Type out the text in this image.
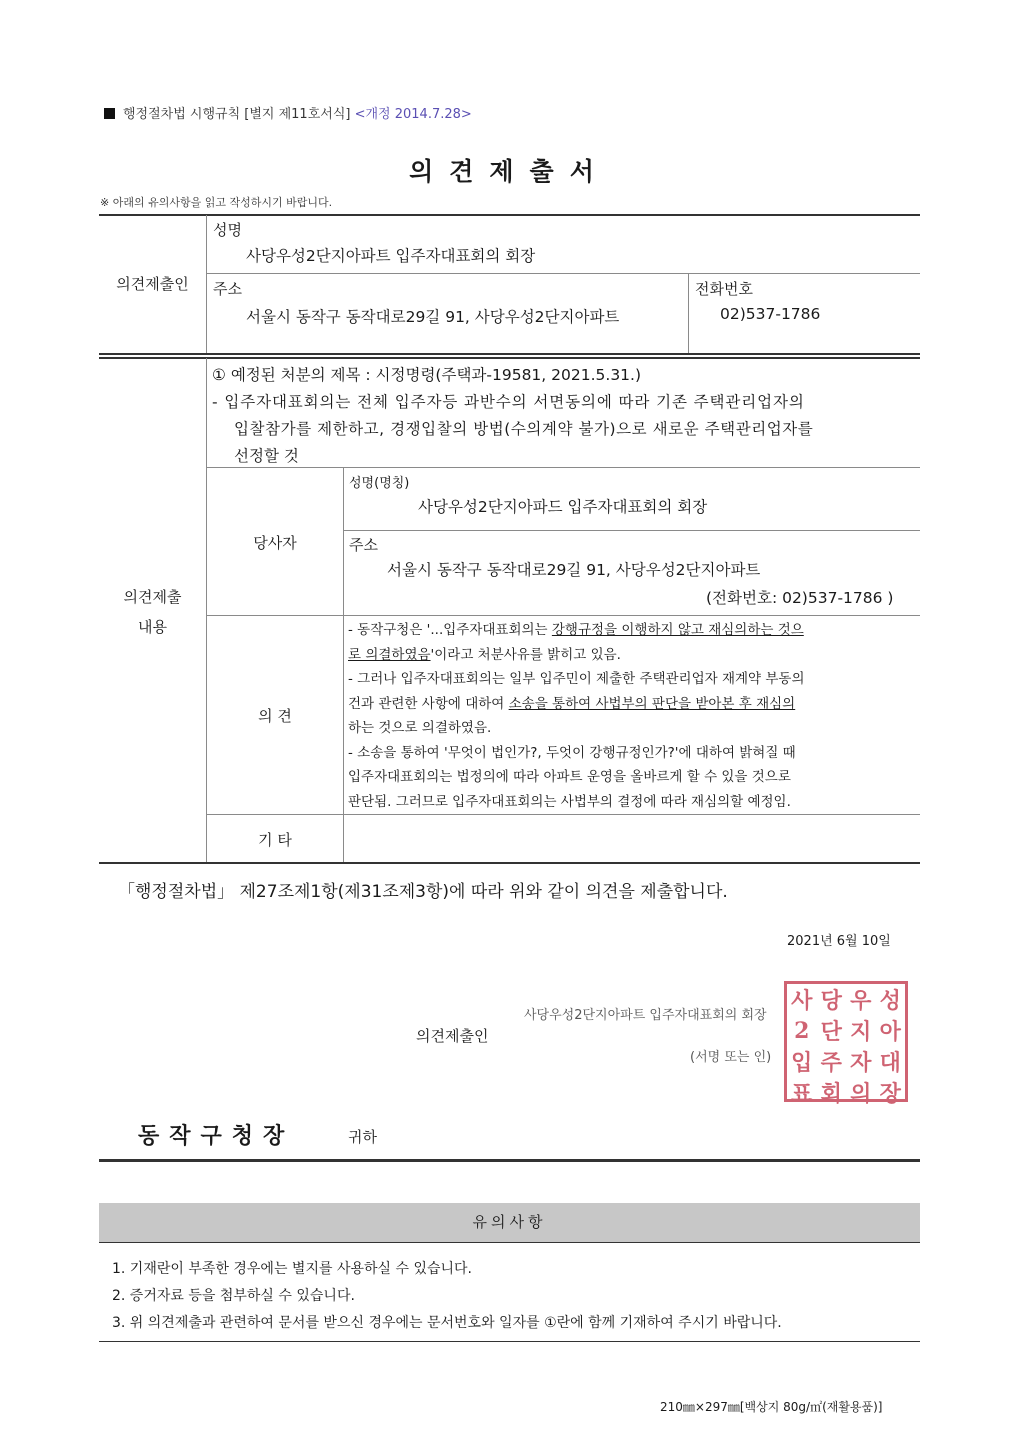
행정절차법 시행규칙 [별지 제11호서식] <개정 2014.7.28>
의견제출서
※ 아래의 유의사항을 읽고 작성하시기 바랍니다.
의견제출인
성명
사당우성2단지아파트 입주자대표회의 회장
주소
서울시 동작구 동작대로29길 91, 사당우성2단지아파트
전화번호
02)537-1786
의견제출
내용
① 예정된 처분의 제목 : 시정명령(주택과-19581, 2021.5.31.)
- 입주자대표회의는 전체 입주자등 과반수의 서면동의에 따라 기존 주택관리업자의
입찰참가를 제한하고, 경쟁입찰의 방법(수의계약 불가)으로 새로운 주택관리업자를
선정할 것
당사자
성명(명칭)
사당우성2단지아파드 입주자대표회의 회장
주소
서울시 동작구 동작대로29길 91, 사당우성2단지아파트
(전화번호: 02)537-1786 )
의 견
- 동작구청은 '...입주자대표회의는 강행규정을 이행하지 않고 재심의하는 것으
로 의결하였음'이라고 처분사유를 밝히고 있음.
- 그러나 입주자대표회의는 일부 입주민이 제출한 주택관리업자 재계약 부동의
건과 관련한 사항에 대하여 소송을 통하여 사법부의 판단을 받아본 후 재심의
하는 것으로 의결하였음.
- 소송을 통하여 '무엇이 법인가?, 두엇이 강행규정인가?'에 대하여 밝혀질 때
입주자대표회의는 법정의에 따라 아파트 운영을 올바르게 할 수 있을 것으로
판단됨. 그러므로 입주자대표회의는 사법부의 결정에 따라 재심의할 예정임.
기 타
「행정절차법」 제27조제1항(제31조제3항)에 따라 위와 같이 의견을 제출합니다.
2021년 6월 10일
사당우성2단지아파트 입주자대표회의 회장
의견제출인
(서명 또는 인)
사 당 우 성
2 단 지 아
입 주 자 대
표 회 의 장
동작구청장	귀하
유의사항
1. 기재란이 부족한 경우에는 별지를 사용하실 수 있습니다.
2. 증거자료 등을 첨부하실 수 있습니다.
3. 위 의견제출과 관련하여 문서를 받으신 경우에는 문서번호와 일자를 ①란에 함께 기재하여 주시기 바랍니다.
210㎜×297㎜[백상지 80g/㎡(재활용품)]
